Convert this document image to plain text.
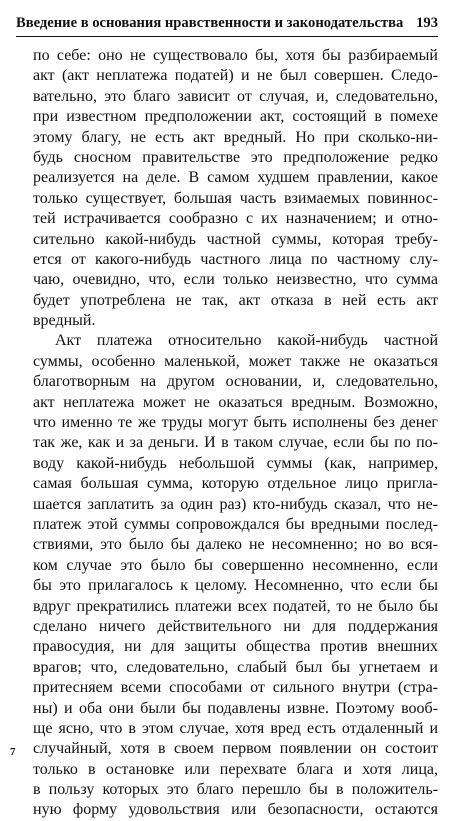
Введение в основания нравственности и законодательства 193
по себе: оно не существовало бы, хотя бы разбираемый
акт (акт неплатежа податей) и не был совершен. Следо-
вательно, это благо зависит от случая, и, следовательно,
при известном предположении акт, состоящий в помехе
этому благу, не есть акт вредный. Но при сколько-ни-
будь сносном правительстве это предположение редко
реализуется на деле. В самом худшем правлении, какое
только существует, большая часть взимаемых повиннос-
тей истрачивается сообразно с их назначением; и отно-
сительно какой-нибудь частной суммы, которая требу-
ется от какого-нибудь частного лица по частному слу-
чаю, очевидно, что, если только неизвестно, что сумма
будет употреблена не так, акт отказа в ней есть акт
вредный.
Акт платежа относительно какой-нибудь частной
суммы, особенно маленькой, может также не оказаться
благотворным на другом основании, и, следовательно,
акт неплатежа может не оказаться вредным. Возможно,
что именно те же труды могут быть исполнены без денег
так же, как и за деньги. И в таком случае, если бы по по-
воду какой-нибудь небольшой суммы (как, например,
самая большая сумма, которую отдельное лицо пригла-
шается заплатить за один раз) кто-нибудь сказал, что не-
платеж этой суммы сопровождался бы вредными послед-
ствиями, это было бы далеко не несомненно; но во вся-
ком случае это было бы совершенно несомненно, если
бы это прилагалось к целому. Несомненно, что если бы
вдруг прекратились платежи всех податей, то не было бы
сделано ничего действительного ни для поддержания
правосудия, ни для защиты общества против внешних
врагов; что, следовательно, слабый был бы угнетаем и
притесняем всеми способами от сильного внутри (стра-
ны) и оба они были бы подавлены извне. Поэтому вооб-
ще ясно, что в этом случае, хотя вред есть отдаленный и
случайный, хотя в своем первом появлении он состоит
только в остановке или перехвате блага и хотя лица,
в пользу которых это благо перешло бы в положитель-
ную форму удовольствия или безопасности, остаются
7
